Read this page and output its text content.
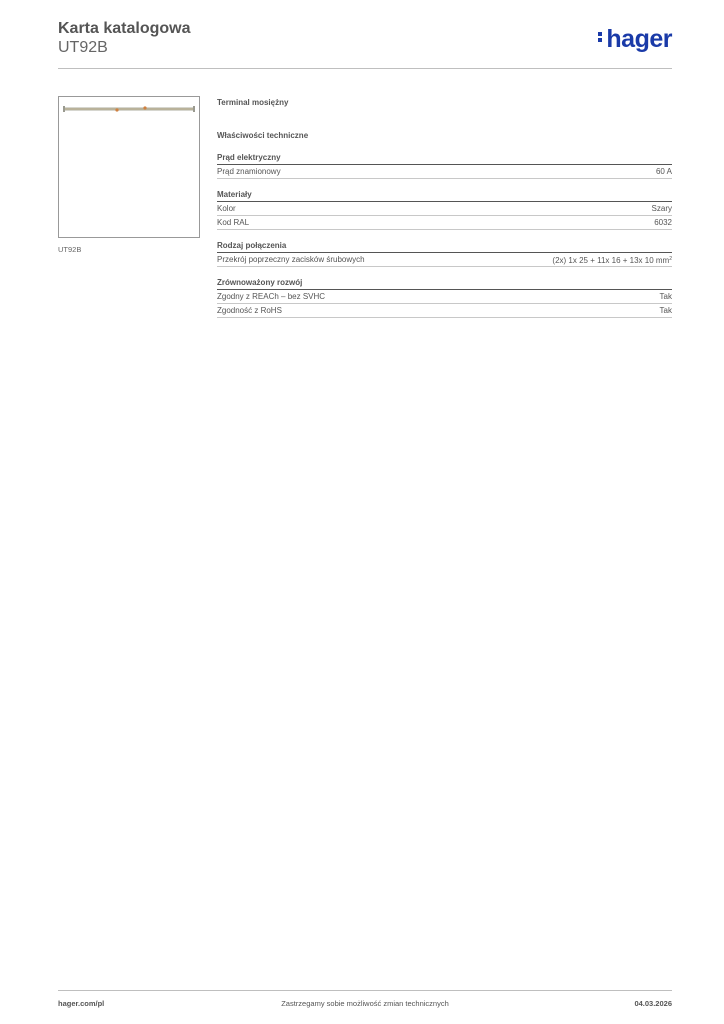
Karta katalogowa
UT92B	hager
UT92B
Terminal mosiężny
Właściwości techniczne
Prąd elektryczny
Prąd znamionowy	60 A
Materiały
Kolor	Szary
Kod RAL	6032
Rodzaj połączenia
Przekrój poprzeczny zacisków śrubowych	(2x) 1x 25 + 11x 16 + 13x 10 $mm^2$
Zrównoważony rozwój
Zgodny z REACh – bez SVHC	Tak
Zgodność z RoHS	Tak
hager.com/pl	Zastrzegamy sobie możliwość zmian technicznych	04.03.2026
